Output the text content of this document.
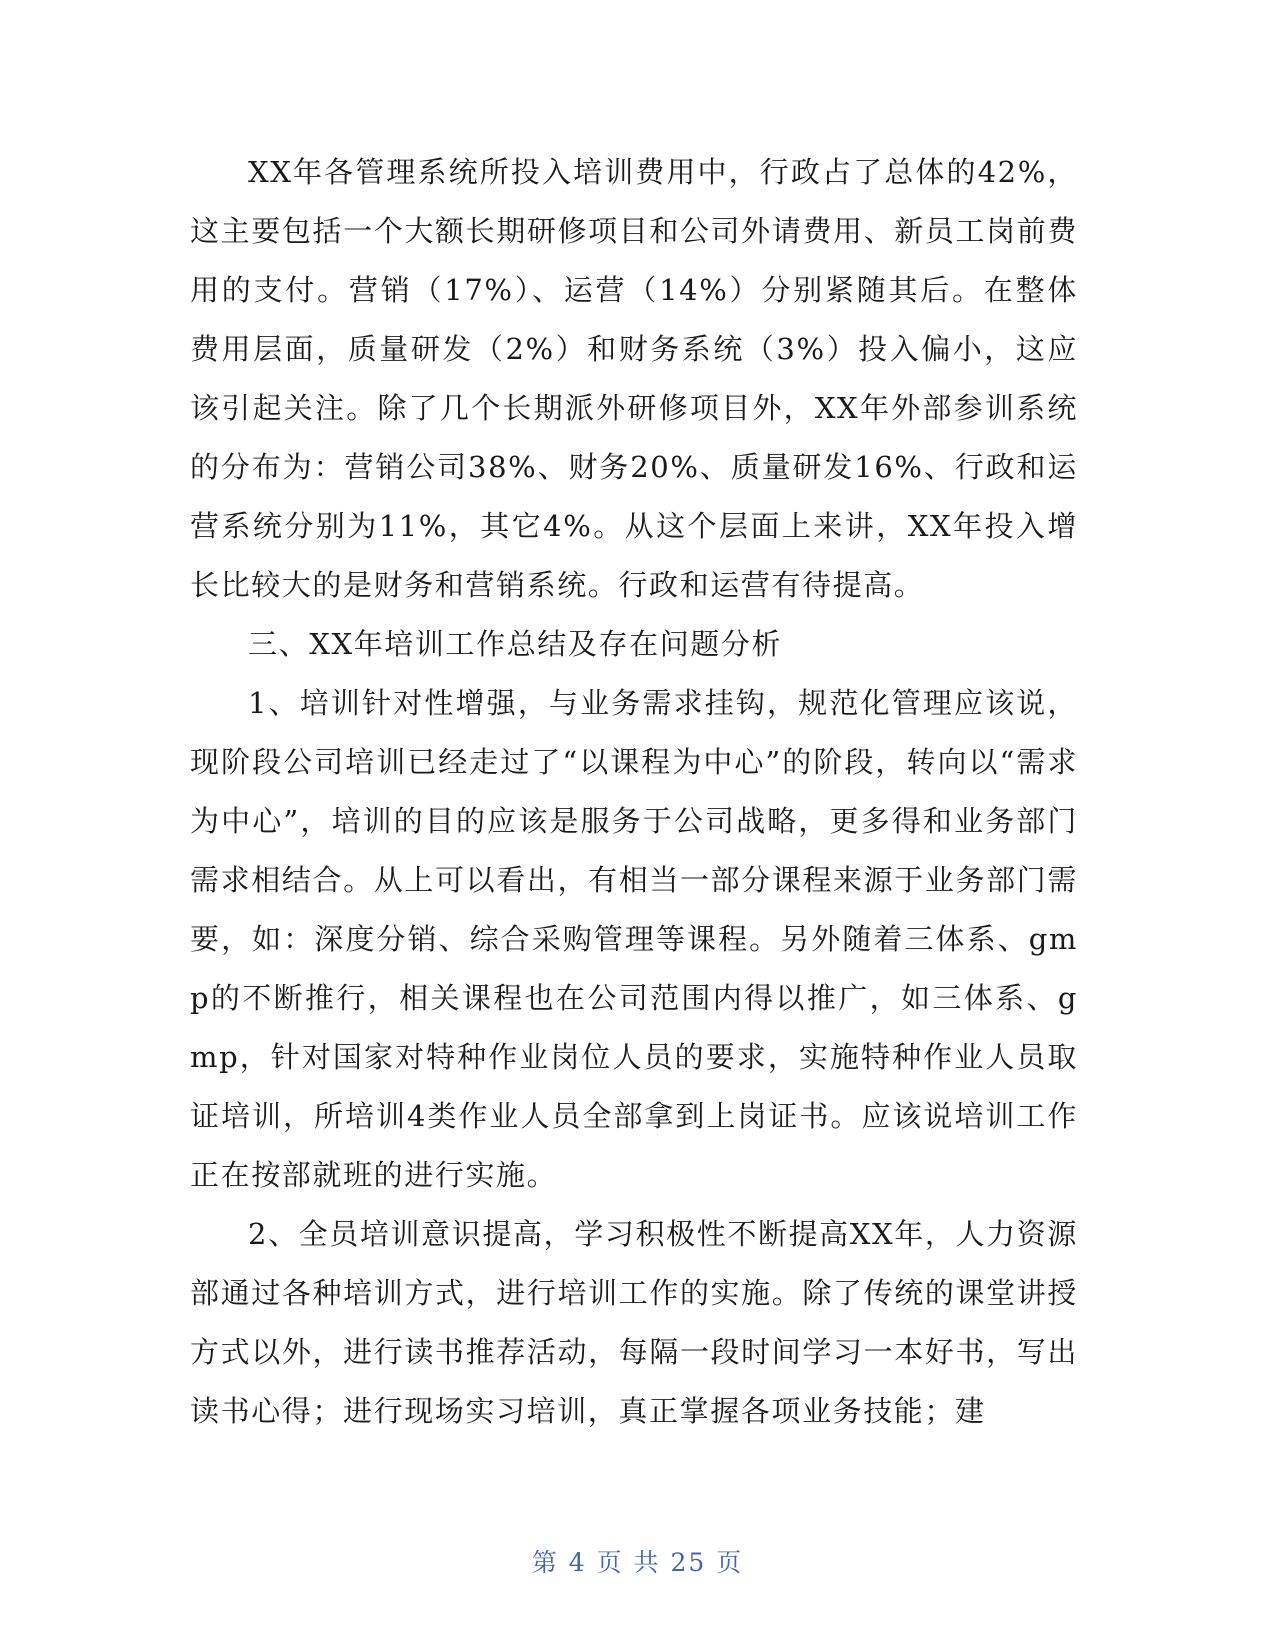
XX年各管理系统所投入培训费用中，行政占了总体的42%，这主要包括一个大额长期研修项目和公司外请费用、新员工岗前费用的支付。营销（17%）、运营（14%）分别紧随其后。在整体费用层面，质量研发（2%）和财务系统（3%）投入偏小，这应该引起关注。除了几个长期派外研修项目外，XX年外部参训系统的分布为：营销公司38%、财务20%、质量研发16%、行政和运营系统分别为11%，其它4%。从这个层面上来讲，XX年投入增长比较大的是财务和营销系统。行政和运营有待提高。

三、XX年培训工作总结及存在问题分析

1、培训针对性增强，与业务需求挂钩，规范化管理应该说，现阶段公司培训已经走过了“以课程为中心”的阶段，转向以“需求为中心”，培训的目的应该是服务于公司战略，更多得和业务部门需求相结合。从上可以看出，有相当一部分课程来源于业务部门需要，如：深度分销、综合采购管理等课程。另外随着三体系、gmp的不断推行，相关课程也在公司范围内得以推广，如三体系、gmp，针对国家对特种作业岗位人员的要求，实施特种作业人员取证培训，所培训4类作业人员全部拿到上岗证书。应该说培训工作正在按部就班的进行实施。

2、全员培训意识提高，学习积极性不断提高XX年，人力资源部通过各种培训方式，进行培训工作的实施。除了传统的课堂讲授方式以外，进行读书推荐活动，每隔一段时间学习一本好书，写出读书心得；进行现场实习培训，真正掌握各项业务技能；建

第 4 页 共 25 页
